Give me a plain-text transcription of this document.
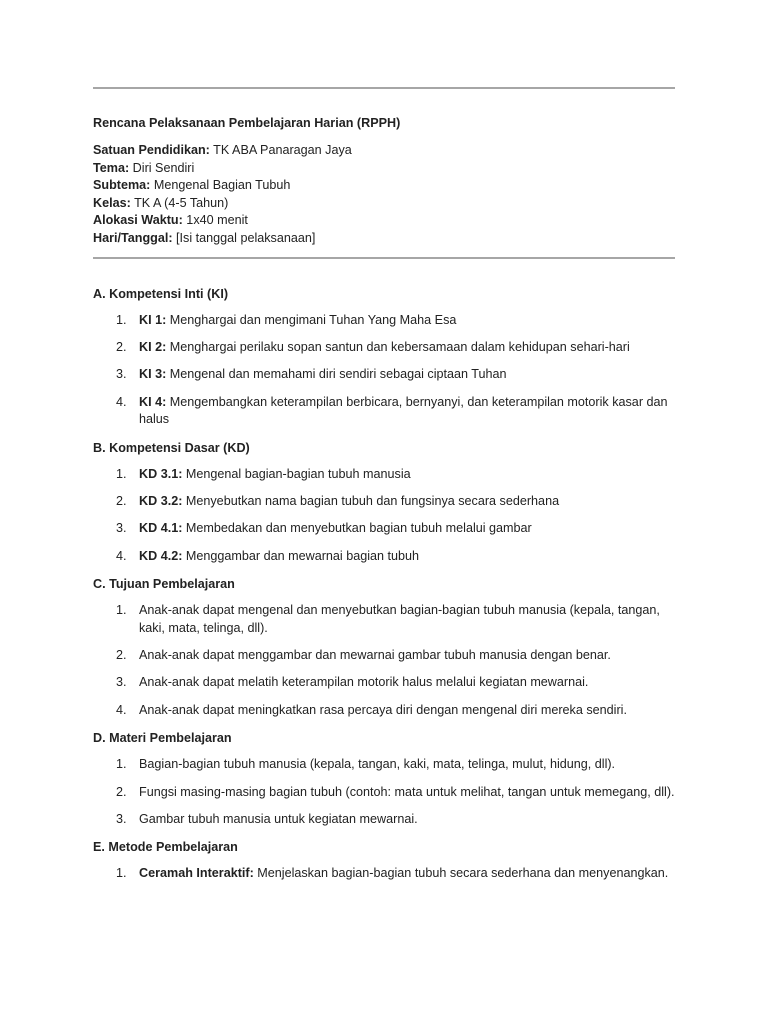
Rencana Pelaksanaan Pembelajaran Harian (RPPH)
Satuan Pendidikan: TK ABA Panaragan Jaya
Tema: Diri Sendiri
Subtema: Mengenal Bagian Tubuh
Kelas: TK A (4-5 Tahun)
Alokasi Waktu: 1x40 menit
Hari/Tanggal: [Isi tanggal pelaksanaan]
A. Kompetensi Inti (KI)
1. KI 1: Menghargai dan mengimani Tuhan Yang Maha Esa
2. KI 2: Menghargai perilaku sopan santun dan kebersamaan dalam kehidupan sehari-hari
3. KI 3: Mengenal dan memahami diri sendiri sebagai ciptaan Tuhan
4. KI 4: Mengembangkan keterampilan berbicara, bernyanyi, dan keterampilan motorik kasar dan halus
B. Kompetensi Dasar (KD)
1. KD 3.1: Mengenal bagian-bagian tubuh manusia
2. KD 3.2: Menyebutkan nama bagian tubuh dan fungsinya secara sederhana
3. KD 4.1: Membedakan dan menyebutkan bagian tubuh melalui gambar
4. KD 4.2: Menggambar dan mewarnai bagian tubuh
C. Tujuan Pembelajaran
1. Anak-anak dapat mengenal dan menyebutkan bagian-bagian tubuh manusia (kepala, tangan, kaki, mata, telinga, dll).
2. Anak-anak dapat menggambar dan mewarnai gambar tubuh manusia dengan benar.
3. Anak-anak dapat melatih keterampilan motorik halus melalui kegiatan mewarnai.
4. Anak-anak dapat meningkatkan rasa percaya diri dengan mengenal diri mereka sendiri.
D. Materi Pembelajaran
1. Bagian-bagian tubuh manusia (kepala, tangan, kaki, mata, telinga, mulut, hidung, dll).
2. Fungsi masing-masing bagian tubuh (contoh: mata untuk melihat, tangan untuk memegang, dll).
3. Gambar tubuh manusia untuk kegiatan mewarnai.
E. Metode Pembelajaran
1. Ceramah Interaktif: Menjelaskan bagian-bagian tubuh secara sederhana dan menyenangkan.
